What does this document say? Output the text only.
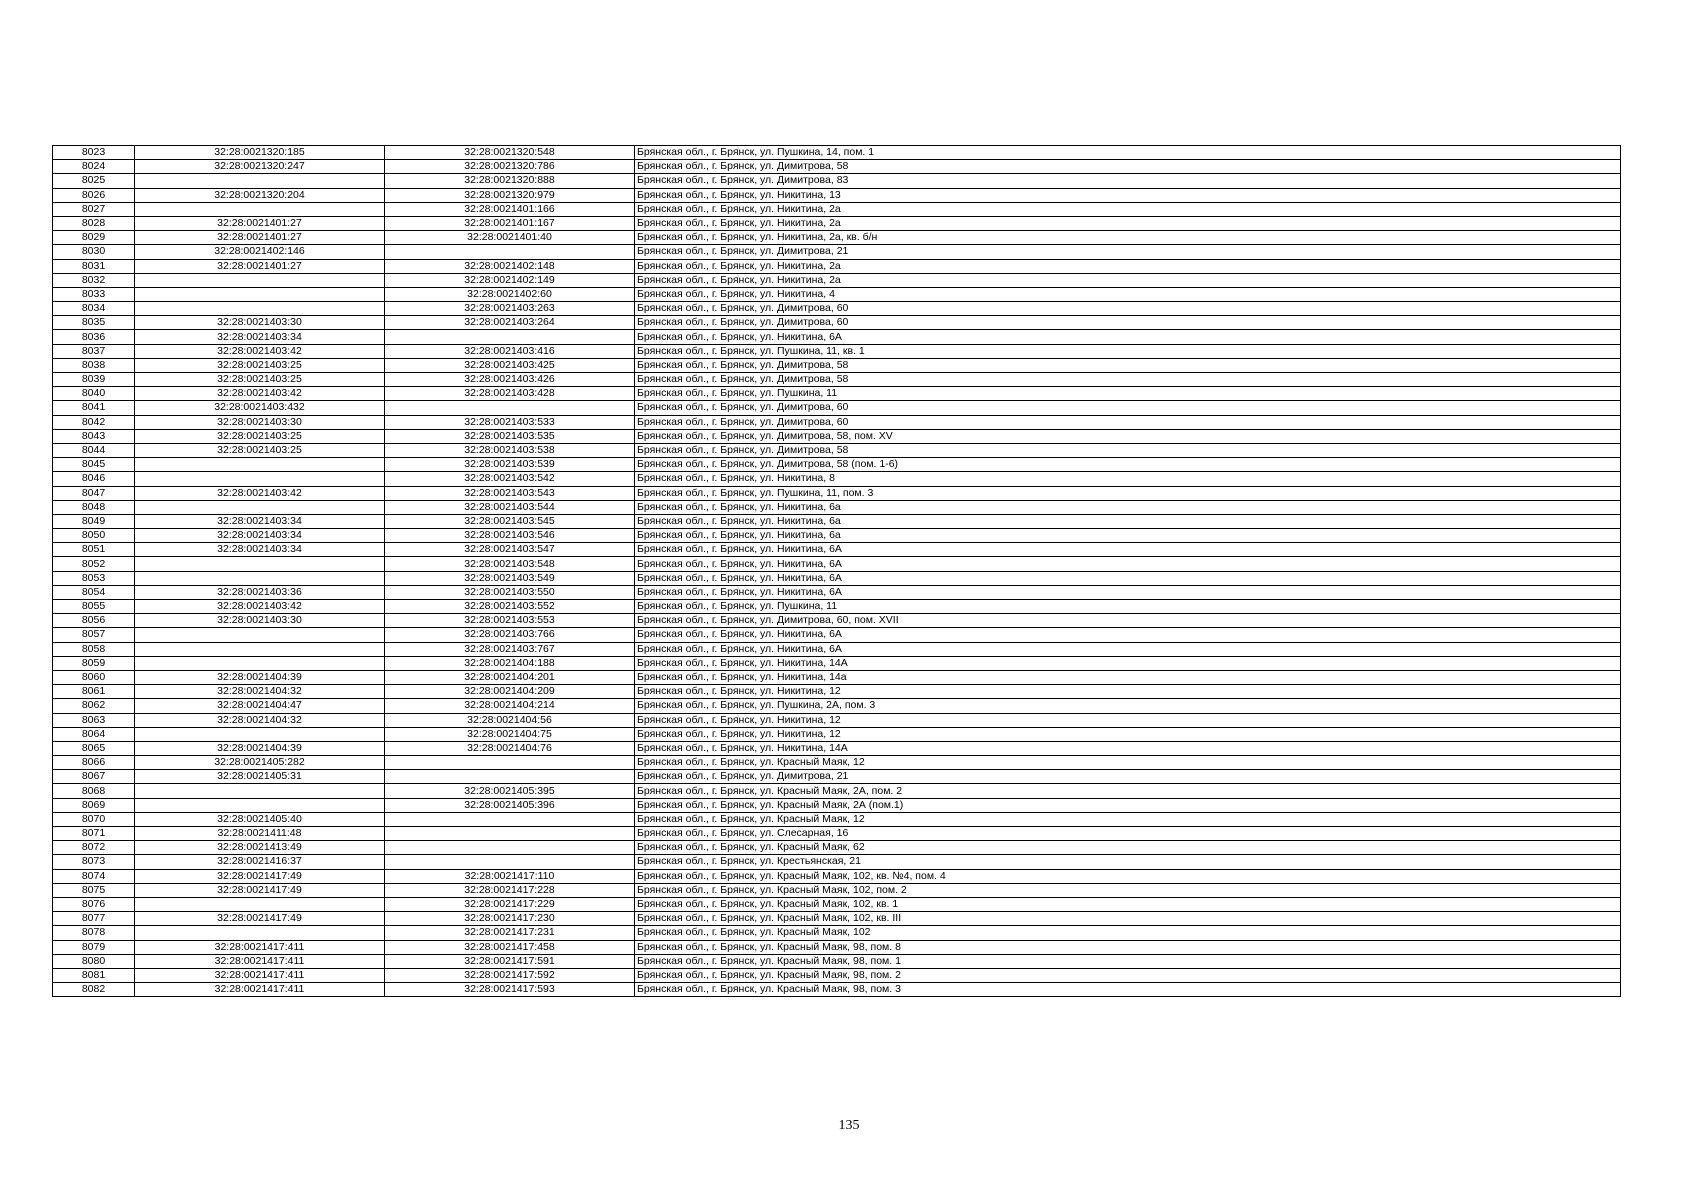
8023	32:28:0021320:185	32:28:0021320:548	Брянская обл., г. Брянск, ул. Пушкина, 14, пом. 1
8024	32:28:0021320:247	32:28:0021320:786	Брянская обл., г. Брянск, ул. Димитрова, 58
8025		32:28:0021320:888	Брянская обл., г. Брянск, ул. Димитрова, 83
8026	32:28:0021320:204	32:28:0021320:979	Брянская обл., г. Брянск, ул. Никитина, 13
8027		32:28:0021401:166	Брянская обл., г. Брянск, ул. Никитина, 2а
8028	32:28:0021401:27	32:28:0021401:167	Брянская обл., г. Брянск, ул. Никитина, 2а
8029	32:28:0021401:27	32:28:0021401:40	Брянская обл., г. Брянск, ул. Никитина, 2а, кв. б/н
8030	32:28:0021402:146		Брянская обл., г. Брянск, ул. Димитрова, 21
8031	32:28:0021401:27	32:28:0021402:148	Брянская обл., г. Брянск, ул. Никитина, 2а
8032		32:28:0021402:149	Брянская обл., г. Брянск, ул. Никитина, 2а
8033		32:28:0021402:60	Брянская обл., г. Брянск, ул. Никитина, 4
8034		32:28:0021403:263	Брянская обл., г. Брянск, ул. Димитрова, 60
8035	32:28:0021403:30	32:28:0021403:264	Брянская обл., г. Брянск, ул. Димитрова, 60
8036	32:28:0021403:34		Брянская обл., г. Брянск, ул. Никитина, 6А
8037	32:28:0021403:42	32:28:0021403:416	Брянская обл., г. Брянск, ул. Пушкина, 11, кв. 1
8038	32:28:0021403:25	32:28:0021403:425	Брянская обл., г. Брянск, ул. Димитрова, 58
8039	32:28:0021403:25	32:28:0021403:426	Брянская обл., г. Брянск, ул. Димитрова, 58
8040	32:28:0021403:42	32:28:0021403:428	Брянская обл., г. Брянск, ул. Пушкина, 11
8041	32:28:0021403:432		Брянская обл., г. Брянск, ул. Димитрова, 60
8042	32:28:0021403:30	32:28:0021403:533	Брянская обл., г. Брянск, ул. Димитрова, 60
8043	32:28:0021403:25	32:28:0021403:535	Брянская обл., г. Брянск, ул. Димитрова, 58, пом. XV
8044	32:28:0021403:25	32:28:0021403:538	Брянская обл., г. Брянск, ул. Димитрова, 58
8045		32:28:0021403:539	Брянская обл., г. Брянск, ул. Димитрова, 58 (пом. 1-6)
8046		32:28:0021403:542	Брянская обл., г. Брянск, ул. Никитина, 8
8047	32:28:0021403:42	32:28:0021403:543	Брянская обл., г. Брянск, ул. Пушкина, 11, пом. 3
8048		32:28:0021403:544	Брянская обл., г. Брянск, ул. Никитина, 6а
8049	32:28:0021403:34	32:28:0021403:545	Брянская обл., г. Брянск, ул. Никитина, 6а
8050	32:28:0021403:34	32:28:0021403:546	Брянская обл., г. Брянск, ул. Никитина, 6а
8051	32:28:0021403:34	32:28:0021403:547	Брянская обл., г. Брянск, ул. Никитина, 6А
8052		32:28:0021403:548	Брянская обл., г. Брянск, ул. Никитина, 6А
8053		32:28:0021403:549	Брянская обл., г. Брянск, ул. Никитина, 6А
8054	32:28:0021403:36	32:28:0021403:550	Брянская обл., г. Брянск, ул. Никитина, 6А
8055	32:28:0021403:42	32:28:0021403:552	Брянская обл., г. Брянск, ул. Пушкина, 11
8056	32:28:0021403:30	32:28:0021403:553	Брянская обл., г. Брянск, ул. Димитрова, 60, пом. XVII
8057		32:28:0021403:766	Брянская обл., г. Брянск, ул. Никитина, 6А
8058		32:28:0021403:767	Брянская обл., г. Брянск, ул. Никитина, 6А
8059		32:28:0021404:188	Брянская обл., г. Брянск, ул. Никитина, 14А
8060	32:28:0021404:39	32:28:0021404:201	Брянская обл., г. Брянск, ул. Никитина, 14а
8061	32:28:0021404:32	32:28:0021404:209	Брянская обл., г. Брянск, ул. Никитина, 12
8062	32:28:0021404:47	32:28:0021404:214	Брянская обл., г. Брянск, ул. Пушкина, 2А, пом. 3
8063	32:28:0021404:32	32:28:0021404:56	Брянская обл., г. Брянск, ул. Никитина, 12
8064		32:28:0021404:75	Брянская обл., г. Брянск, ул. Никитина, 12
8065	32:28:0021404:39	32:28:0021404:76	Брянская обл., г. Брянск, ул. Никитина, 14А
8066	32:28:0021405:282		Брянская обл., г. Брянск, ул. Красный Маяк, 12
8067	32:28:0021405:31		Брянская обл., г. Брянск, ул. Димитрова, 21
8068		32:28:0021405:395	Брянская обл., г. Брянск, ул. Красный Маяк, 2А, пом. 2
8069		32:28:0021405:396	Брянская обл., г. Брянск, ул. Красный Маяк, 2А (пом.1)
8070	32:28:0021405:40		Брянская обл., г. Брянск, ул. Красный Маяк, 12
8071	32:28:0021411:48		Брянская обл., г. Брянск, ул. Слесарная, 16
8072	32:28:0021413:49		Брянская обл., г. Брянск, ул. Красный Маяк, 62
8073	32:28:0021416:37		Брянская обл., г. Брянск, ул. Крестьянская, 21
8074	32:28:0021417:49	32:28:0021417:110	Брянская обл., г. Брянск, ул. Красный Маяк, 102, кв. №4, пом. 4
8075	32:28:0021417:49	32:28:0021417:228	Брянская обл., г. Брянск, ул. Красный Маяк, 102, пом. 2
8076		32:28:0021417:229	Брянская обл., г. Брянск, ул. Красный Маяк, 102, кв. 1
8077	32:28:0021417:49	32:28:0021417:230	Брянская обл., г. Брянск, ул. Красный Маяк, 102, кв. III
8078		32:28:0021417:231	Брянская обл., г. Брянск, ул. Красный Маяк, 102
8079	32:28:0021417:411	32:28:0021417:458	Брянская обл., г. Брянск, ул. Красный Маяк, 98, пом. 8
8080	32:28:0021417:411	32:28:0021417:591	Брянская обл., г. Брянск, ул. Красный Маяк, 98, пом. 1
8081	32:28:0021417:411	32:28:0021417:592	Брянская обл., г. Брянск, ул. Красный Маяк, 98, пом. 2
8082	32:28:0021417:411	32:28:0021417:593	Брянская обл., г. Брянск, ул. Красный Маяк, 98, пом. 3
135
